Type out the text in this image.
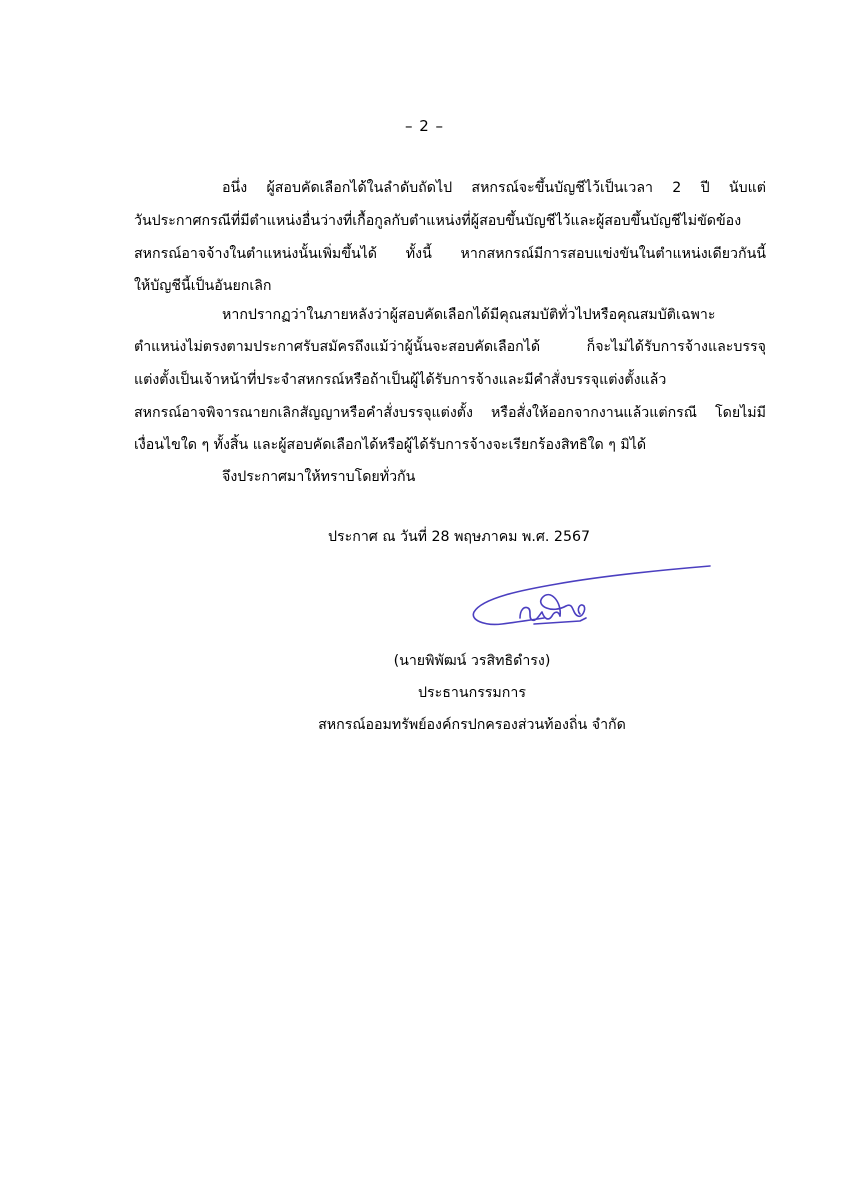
– 2 –
อนึ่ง ผู้สอบคัดเลือกได้ในลำดับถัดไป สหกรณ์จะขึ้นบัญชีไว้เป็นเวลา 2 ปี นับแต่
วันประกาศกรณีที่มีตำแหน่งอื่นว่างที่เกื้อกูลกับตำแหน่งที่ผู้สอบขึ้นบัญชีไว้และผู้สอบขึ้นบัญชีไม่ขัดข้อง
สหกรณ์อาจจ้างในตำแหน่งนั้นเพิ่มขึ้นได้ ทั้งนี้ หากสหกรณ์มีการสอบแข่งขันในตำแหน่งเดียวกันนี้
ให้บัญชีนี้เป็นอันยกเลิก
หากปรากฏว่าในภายหลังว่าผู้สอบคัดเลือกได้มีคุณสมบัติทั่วไปหรือคุณสมบัติเฉพาะ
ตำแหน่งไม่ตรงตามประกาศรับสมัครถึงแม้ว่าผู้นั้นจะสอบคัดเลือกได้ ก็จะไม่ได้รับการจ้างและบรรจุ
แต่งตั้งเป็นเจ้าหน้าที่ประจำสหกรณ์หรือถ้าเป็นผู้ได้รับการจ้างและมีคำสั่งบรรจุแต่งตั้งแล้ว
สหกรณ์อาจพิจารณายกเลิกสัญญาหรือคำสั่งบรรจุแต่งตั้ง หรือสั่งให้ออกจากงานแล้วแต่กรณี โดยไม่มี
เงื่อนไขใด ๆ ทั้งสิ้น และผู้สอบคัดเลือกได้หรือผู้ได้รับการจ้างจะเรียกร้องสิทธิใด ๆ มิได้
จึงประกาศมาให้ทราบโดยทั่วกัน
ประกาศ ณ วันที่ 28 พฤษภาคม พ.ศ. 2567
(นายพิพัฒน์ วรสิทธิดำรง)
ประธานกรรมการ
สหกรณ์ออมทรัพย์องค์กรปกครองส่วนท้องถิ่น จำกัด
